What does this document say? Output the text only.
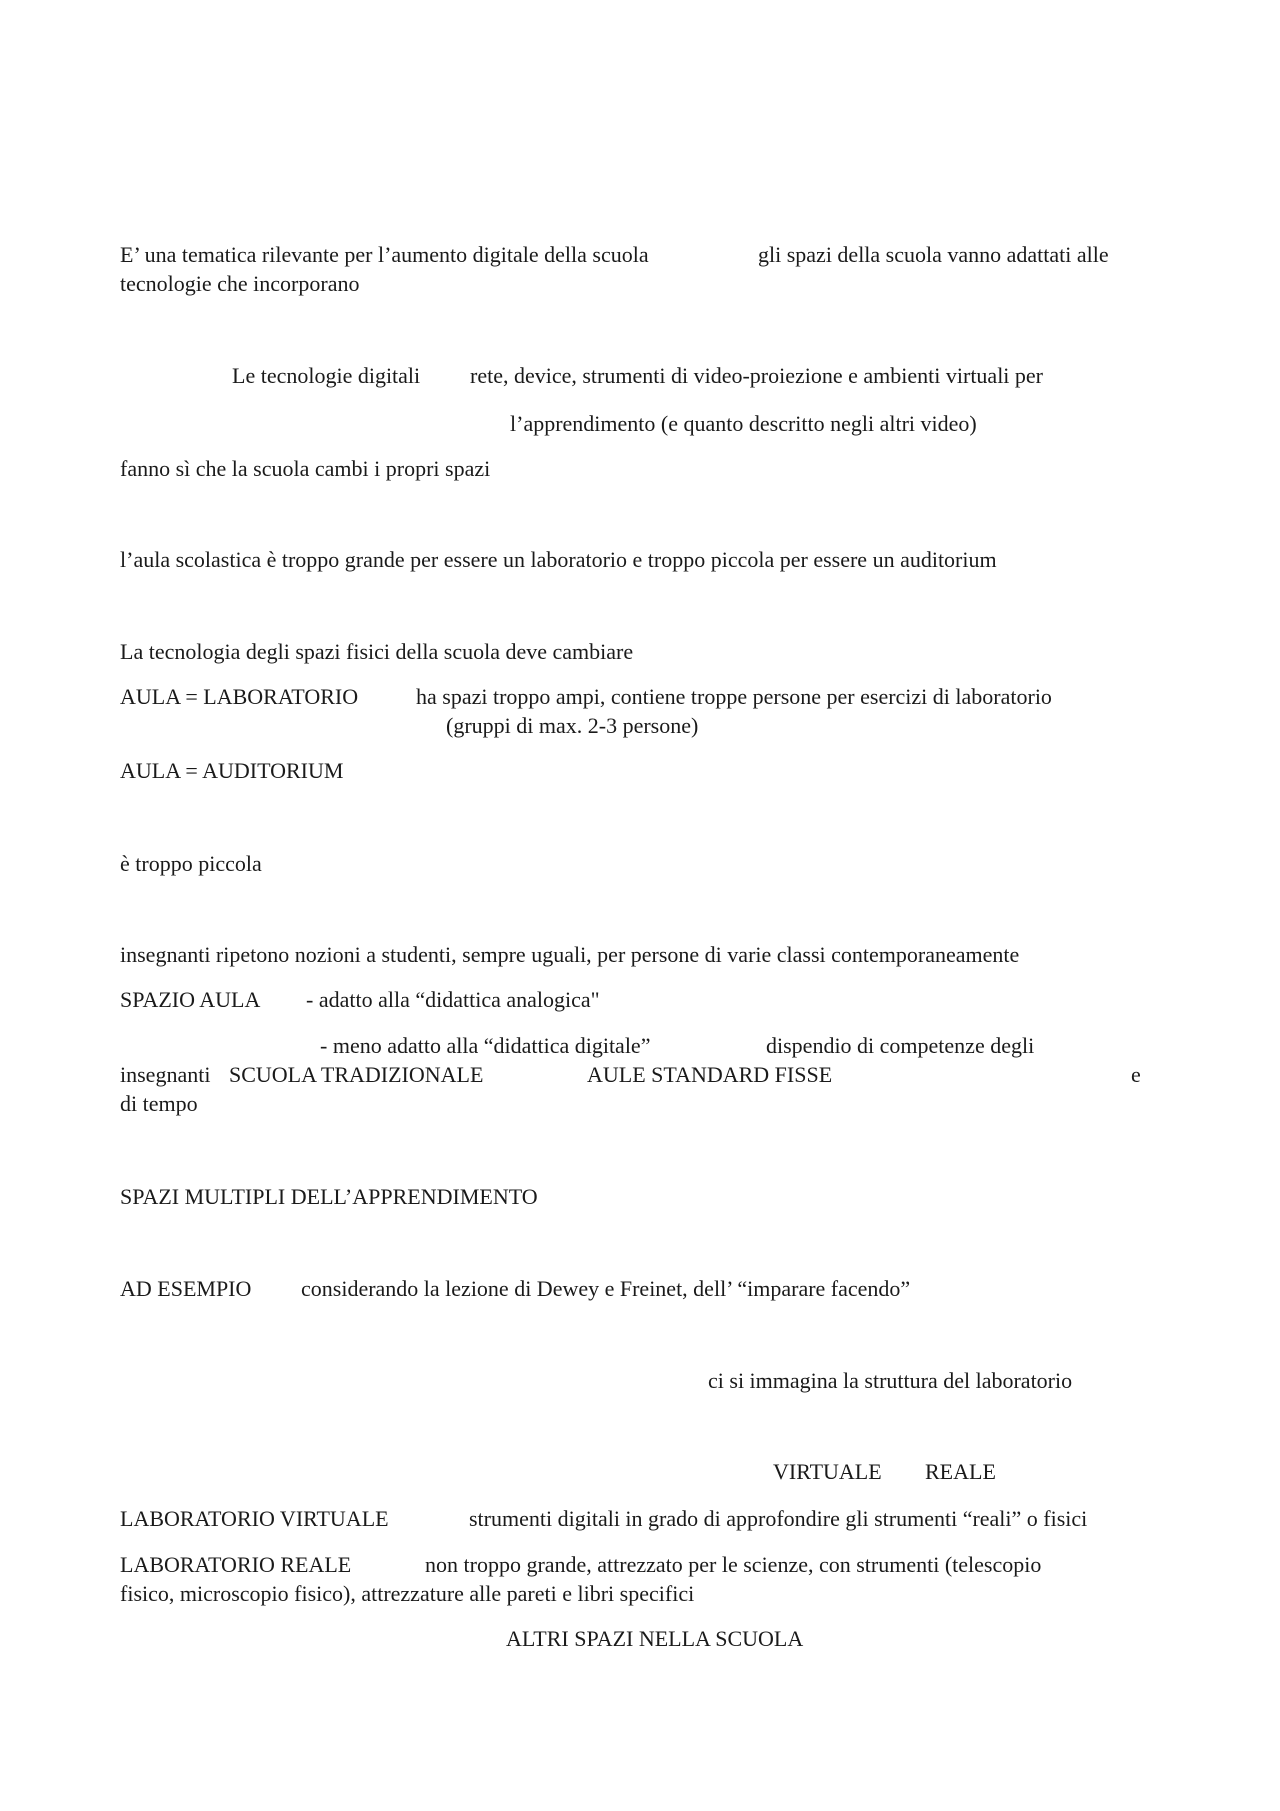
E’ una tematica rilevante per l’aumento digitale della scuola	gli spazi della scuola vanno adattati alle
tecnologie che incorporano
Le tecnologie digitali rete, device, strumenti di video-proiezione e ambienti virtuali per
l’apprendimento (e quanto descritto negli altri video)
fanno sì che la scuola cambi i propri spazi
l’aula scolastica è troppo grande per essere un laboratorio e troppo piccola per essere un auditorium
La tecnologia degli spazi fisici della scuola deve cambiare
AULA = LABORATORIO	ha spazi troppo ampi, contiene troppe persone per esercizi di laboratorio
(gruppi di max. 2-3 persone)
AULA = AUDITORIUM
è troppo piccola
insegnanti ripetono nozioni a studenti, sempre uguali, per persone di varie classi contemporaneamente
SPAZIO AULA - adatto alla “didattica analogica"
- meno adatto alla “didattica digitale”	dispendio di competenze degli
insegnanti SCUOLA TRADIZIONALE	AULE STANDARD FISSE	e
di tempo
SPAZI MULTIPLI DELL’APPRENDIMENTO
AD ESEMPIO considerando la lezione di Dewey e Freinet, dell’ “imparare facendo”
ci si immagina la struttura del laboratorio
VIRTUALE REALE
LABORATORIO VIRTUALE	strumenti digitali in grado di approfondire gli strumenti “reali” o fisici
LABORATORIO REALE	non troppo grande, attrezzato per le scienze, con strumenti (telescopio
fisico, microscopio fisico), attrezzature alle pareti e libri specifici
ALTRI SPAZI NELLA SCUOLA
